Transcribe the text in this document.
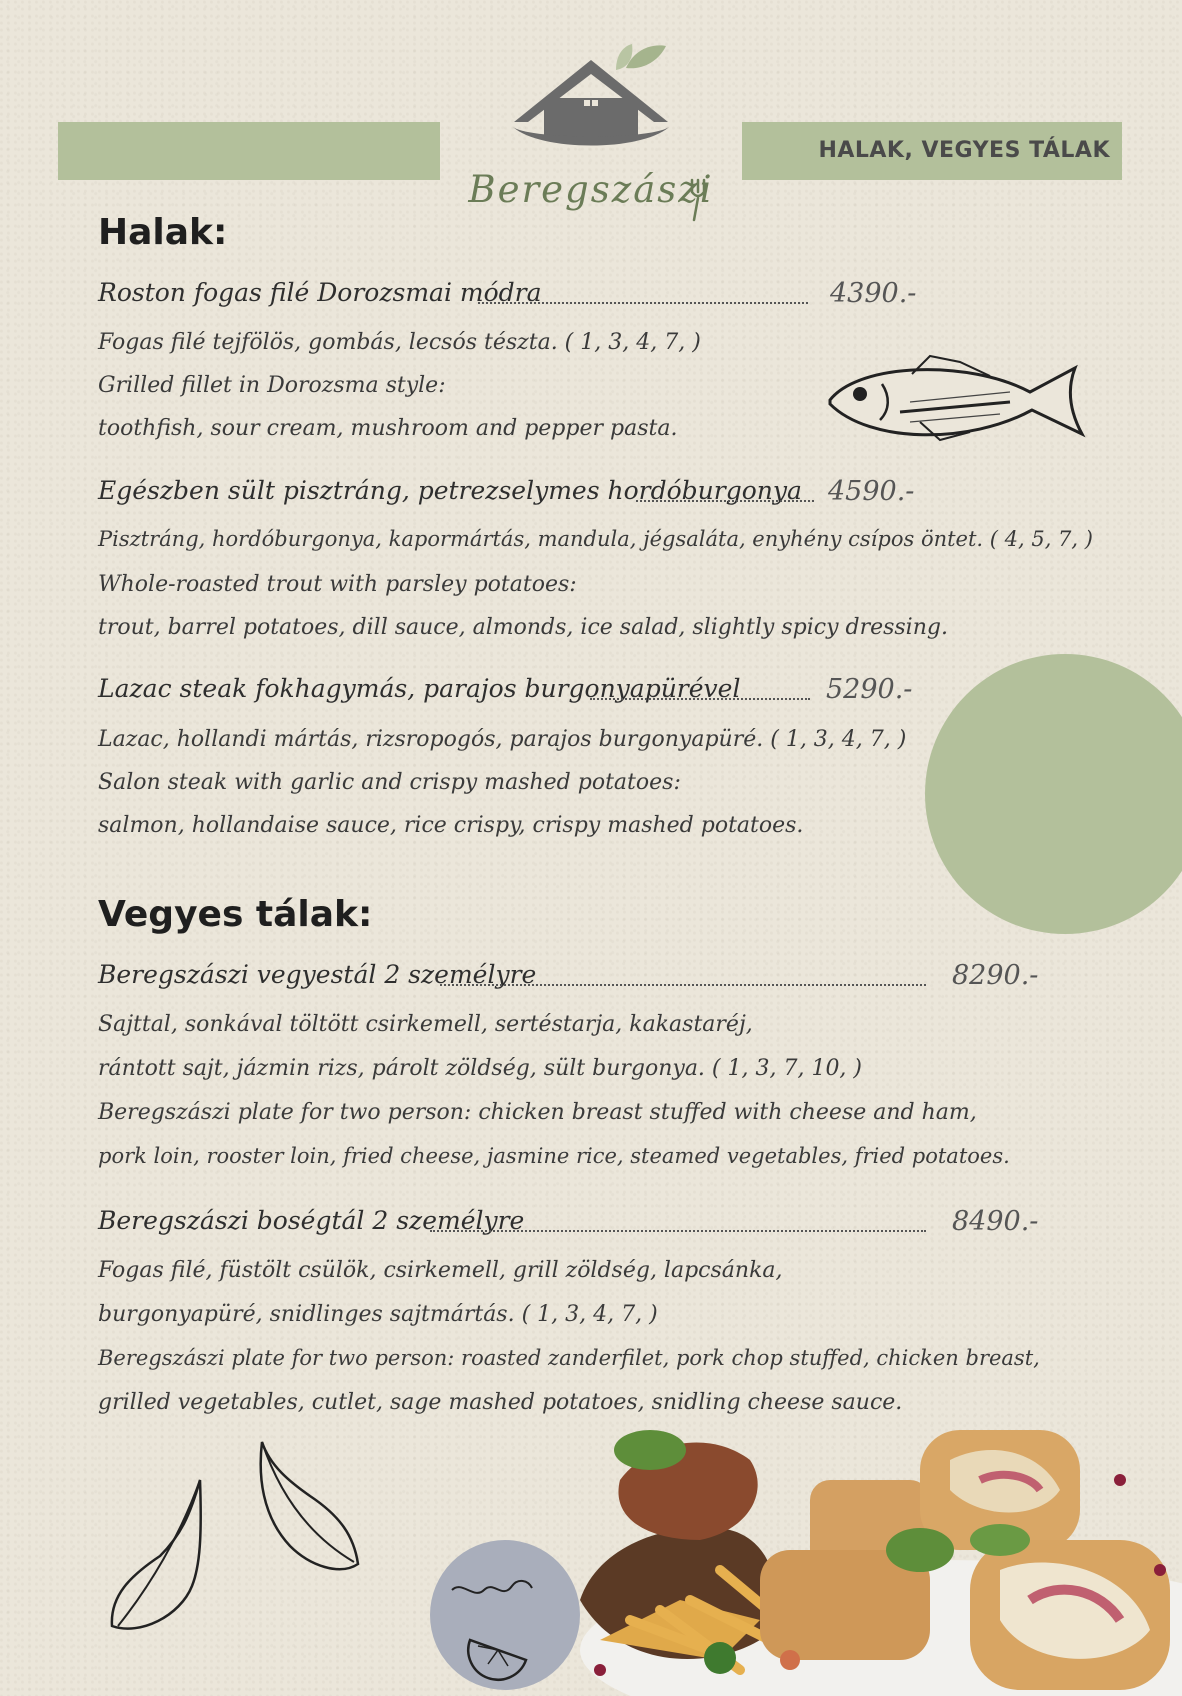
HALAK, VEGYES TÁLAK
Beregszászi
Halak:
Roston fogas filé Dorozsmai módra	4390.-
Fogas filé tejfölös, gombás, lecsós tészta. ( 1, 3, 4, 7, )
Grilled fillet in Dorozsma style:
toothfish, sour cream, mushroom and pepper pasta.
Egészben sült pisztráng, petrezselymes hordóburgonya 4590.-
Pisztráng, hordóburgonya, kapormártás, mandula, jégsaláta, enyhény csípos öntet. ( 4, 5, 7, )
Whole-roasted trout with parsley potatoes:
trout, barrel potatoes, dill sauce, almonds, ice salad, slightly spicy dressing.
Lazac steak fokhagymás, parajos burgonyapürével	5290.-
Lazac, hollandi mártás, rizsropogós, parajos burgonyapüré. ( 1, 3, 4, 7, )
Salon steak with garlic and crispy mashed potatoes:
salmon, hollandaise sauce, rice crispy, crispy mashed potatoes.
Vegyes tálak:
Beregszászi vegyestál 2 személyre	8290.-
Sajttal, sonkával töltött csirkemell, sertéstarja, kakastaréj,
rántott sajt, jázmin rizs, párolt zöldség, sült burgonya. ( 1, 3, 7, 10, )
Beregszászi plate for two person: chicken breast stuffed with cheese and ham,
pork loin, rooster loin, fried cheese, jasmine rice, steamed vegetables, fried potatoes.
Beregszászi boségtál 2 személyre	8490.-
Fogas filé, füstölt csülök, csirkemell, grill zöldség, lapcsánka,
burgonyapüré, snidlinges sajtmártás. ( 1, 3, 4, 7, )
Beregszászi plate for two person: roasted zanderfilet, pork chop stuffed, chicken breast,
grilled vegetables, cutlet, sage mashed potatoes, snidling cheese sauce.
